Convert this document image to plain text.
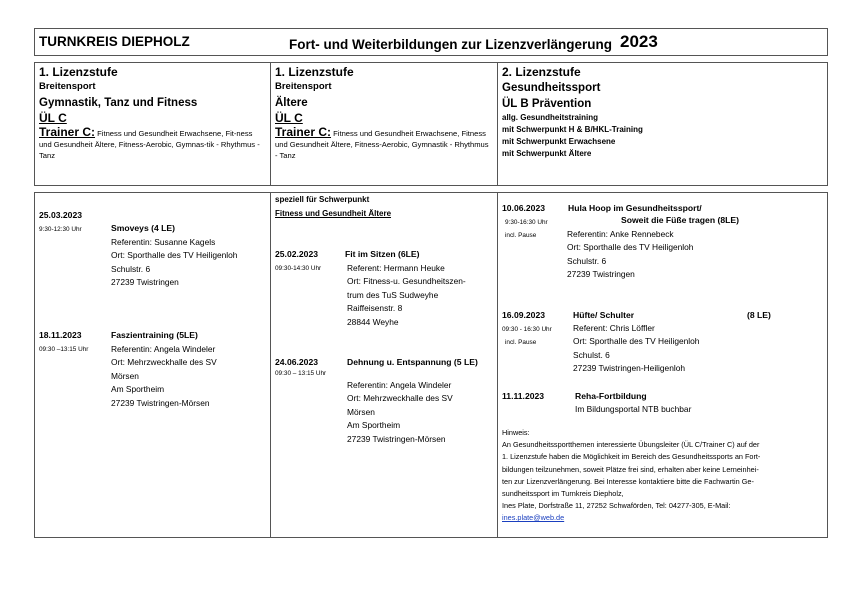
TURNKREIS DIEPHOLZ	Fort- und Weiterbildungen zur Lizenzverlängerung 2023
1. Lizenzstufe
Breitensport
Gymnastik, Tanz und Fitness
ÜL C
Trainer C: Fitness und Gesundheit Erwachsene, Fit-ness und Gesundheit Ältere, Fitness-Aerobic, Gymnas-tik - Rhythmus - Tanz
1. Lizenzstufe
Breitensport
Ältere
ÜL C
Trainer C: Fitness und Gesundheit Erwachsene, Fitness und Gesundheit Ältere, Fitness-Aerobic, Gymnastik - Rhythmus - Tanz
2. Lizenzstufe
Gesundheitssport
ÜL B Prävention
allg. Gesundheitstraining
mit Schwerpunkt H & B/HKL-Training
mit Schwerpunkt Erwachsene
mit Schwerpunkt Ältere
25.03.2023
9:30-12:30 Uhr	Smoveys (4 LE)
Referentin: Susanne Kagels
Ort: Sporthalle des TV Heiligenloh
Schulstr. 6
27239 Twistringen
18.11.2023	Faszientraining (5LE)
09:30 –13:15 Uhr	Referentin: Angela Windeler
Ort: Mehrzweckhalle des SV
Mörsen
Am Sportheim
27239 Twistringen-Mörsen
speziell für Schwerpunkt
Fitness und Gesundheit Ältere
25.02.2023	Fit im Sitzen (6LE)
09:30-14:30 Uhr	Referent: Hermann Heuke
Ort: Fitness-u. Gesundheitszen-
trum des TuS Sudweyhe
Raiffeisenstr. 8
28844 Weyhe
24.06.2023	Dehnung u. Entspannung (5 LE)
09:30 – 13:15 Uhr
Referentin: Angela Windeler
Ort: Mehrzweckhalle des SV
Mörsen
Am Sportheim
27239 Twistringen-Mörsen
10.06.2023	Hula Hoop im Gesundheitssport/
Soweit die Füße tragen (8LE)
9:30-16:30 Uhr
incl. Pause	Referentin: Anke Rennebeck
Ort: Sporthalle des TV Heiligenloh
Schulstr. 6
27239 Twistringen
16.09.2023	Hüfte/ Schulter	(8 LE)
09:30 - 16:30 Uhr
incl. Pause
Referent: Chris Löffler
Ort: Sporthalle des TV Heiligenloh
Schulst. 6
27239 Twistringen-Heiligenloh
11.11.2023	Reha-Fortbildung
Im Bildungsportal NTB buchbar
Hinweis:
An Gesundheitssportthemen interessierte Übungsleiter (ÜL C/Trainer C) auf der
1. Lizenzstufe haben die Möglichkeit im Bereich des Gesundheitssports an Fort-
bildungen teilzunehmen, soweit Plätze frei sind, erhalten aber keine Lerneinhei-
ten zur Lizenzverlängerung. Bei Interesse kontaktiere bitte die Fachwartin Ge-
sundheitssport im Turnkreis Diepholz,
Ines Plate, Dorfstraße 11, 27252 Schwaförden, Tel: 04277-305, E-Mail:
ines.plate@web.de
